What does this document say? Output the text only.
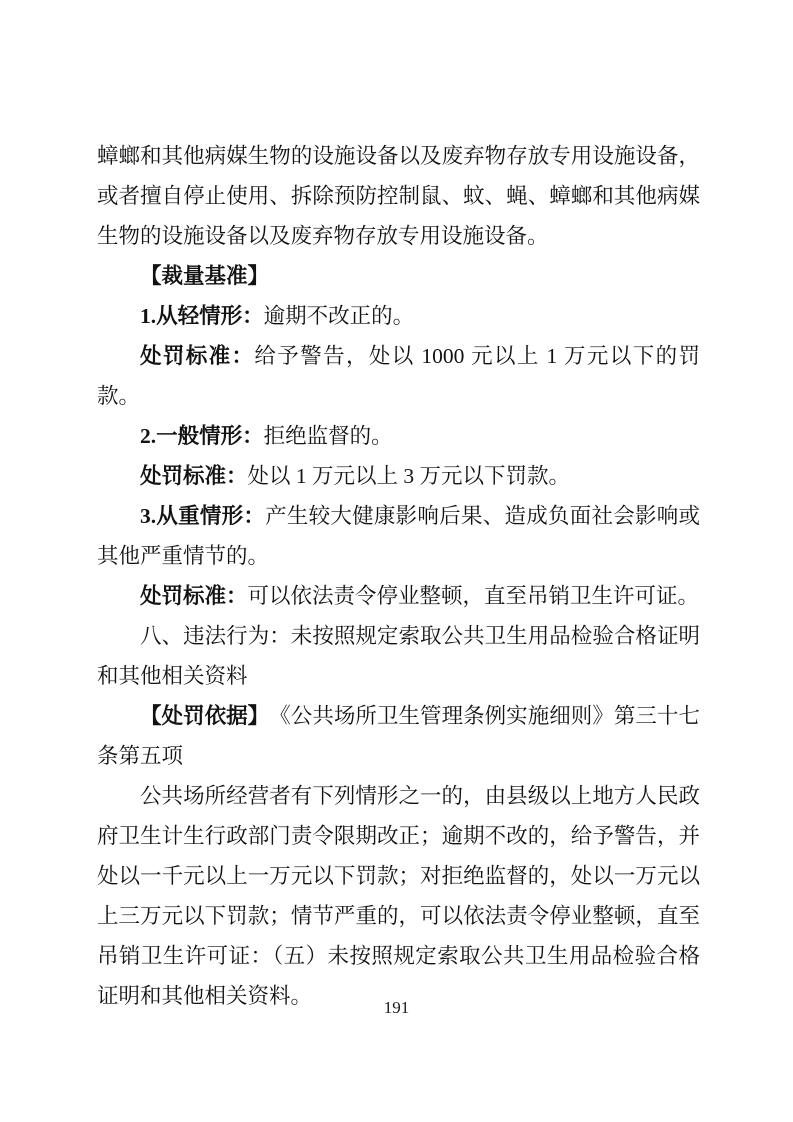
蟑螂和其他病媒生物的设施设备以及废弃物存放专用设施设备，或者擅自停止使用、拆除预防控制鼠、蚊、蝇、蟑螂和其他病媒生物的设施设备以及废弃物存放专用设施设备。

【裁量基准】

1.从轻情形：逾期不改正的。

处罚标准：给予警告，处以 1000 元以上 1 万元以下的罚款。

2.一般情形：拒绝监督的。

处罚标准：处以 1 万元以上 3 万元以下罚款。

3.从重情形：产生较大健康影响后果、造成负面社会影响或其他严重情节的。

处罚标准：可以依法责令停业整顿，直至吊销卫生许可证。

八、违法行为：未按照规定索取公共卫生用品检验合格证明和其他相关资料

【处罚依据】　《公共场所卫生管理条例实施细则》第三十七条第五项

公共场所经营者有下列情形之一的，由县级以上地方人民政府卫生计生行政部门责令限期改正；逾期不改的，给予警告，并处以一千元以上一万元以下罚款；对拒绝监督的，处以一万元以上三万元以下罚款；情节严重的，可以依法责令停业整顿，直至吊销卫生许可证：（五）未按照规定索取公共卫生用品检验合格证明和其他相关资料。	191
